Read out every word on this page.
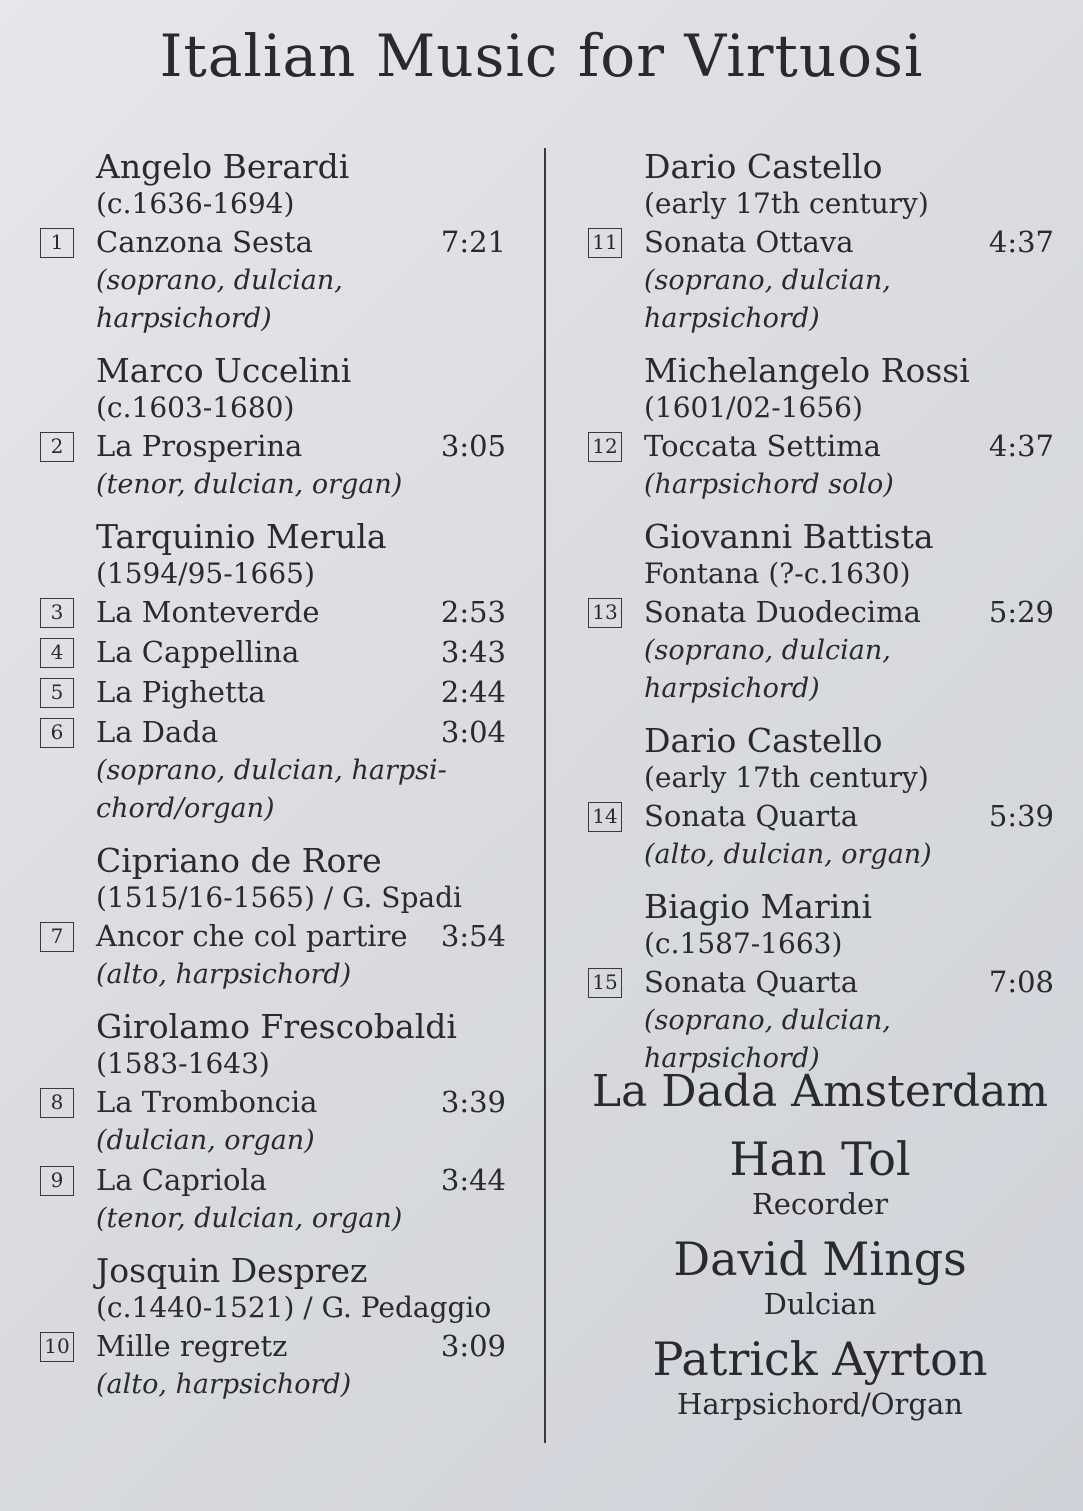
Italian Music for Virtuosi
Angelo Berardi
(c.1636-1694)
1	Canzona Sesta	7:21
(soprano, dulcian, harpsichord)
Marco Uccelini
(c.1603-1680)
2	La Prosperina	3:05
(tenor, dulcian, organ)
Tarquinio Merula
(1594/95-1665)
3	La Monteverde	2:53
4	La Cappellina	3:43
5	La Pighetta	2:44
6	La Dada	3:04
(soprano, dulcian, harpsi-
chord/organ)
Cipriano de Rore
(1515/16-1565) / G. Spadi
7	Ancor che col partire 3:54
(alto, harpsichord)
Girolamo Frescobaldi
(1583-1643)
8	La Tromboncia	3:39
(dulcian, organ)
9	La Capriola	3:44
(tenor, dulcian, organ)
Josquin Desprez
(c.1440-1521) / G. Pedaggio
10 Mille regretz	3:09
(alto, harpsichord)
Dario Castello
(early 17th century)
11 Sonata Ottava	4:37
(soprano, dulcian, harpsichord)
Michelangelo Rossi
(1601/02-1656)
12 Toccata Settima	4:37
(harpsichord solo)
Giovanni Battista
Fontana (?-c.1630)
13 Sonata Duodecima 5:29
(soprano, dulcian, harpsichord)
Dario Castello
(early 17th century)
14 Sonata Quarta	5:39
(alto, dulcian, organ)
Biagio Marini
(c.1587-1663)
15 Sonata Quarta	7:08
(soprano, dulcian, harpsichord)
La Dada Amsterdam
Han Tol
Recorder
David Mings
Dulcian
Patrick Ayrton
Harpsichord/Organ
